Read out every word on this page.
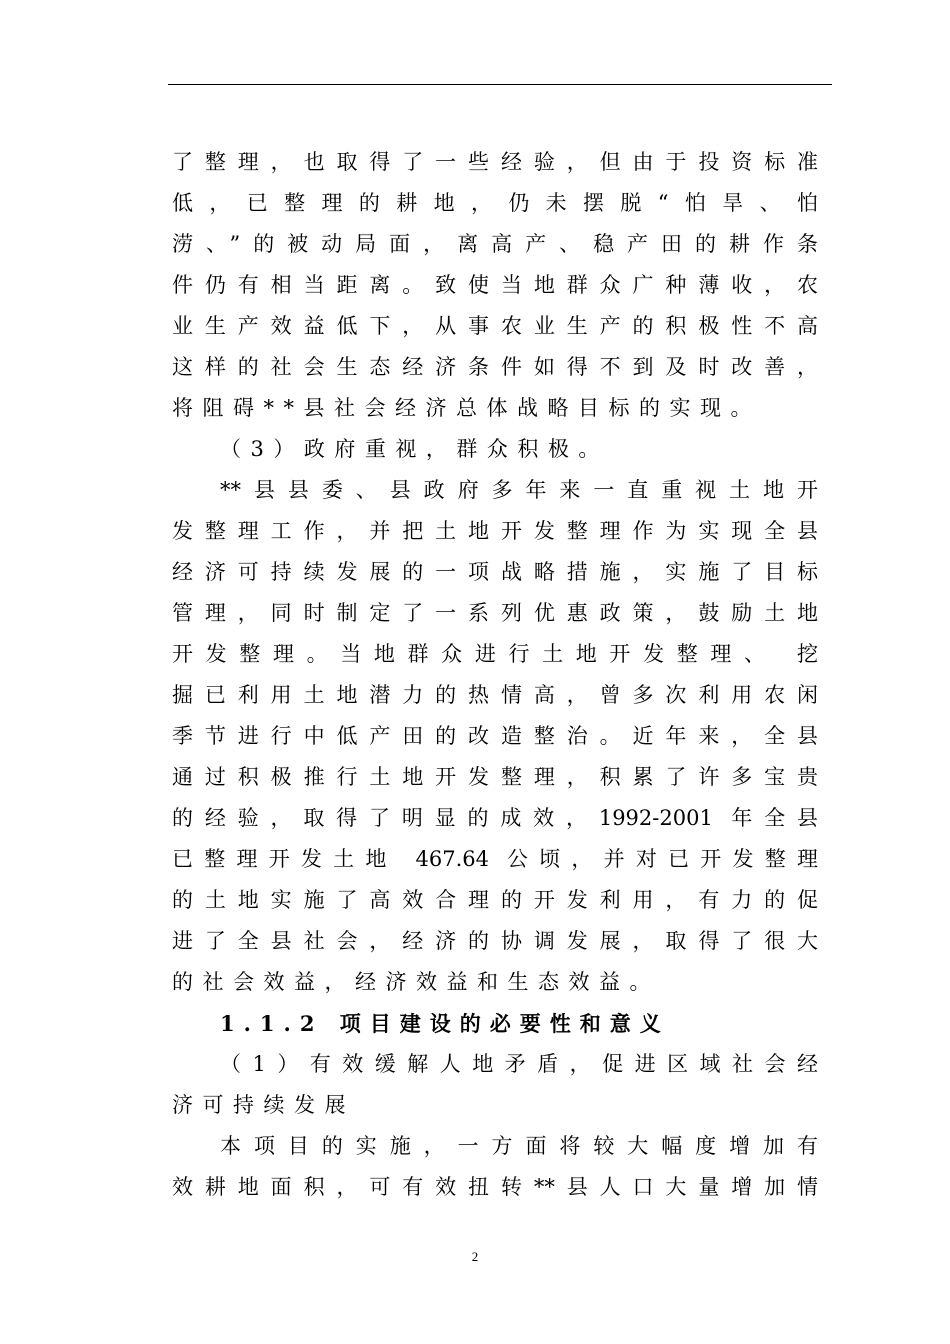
了整理，也取得了一些经验，但由于投资标准
低，已整理的耕地，仍未摆脱“怕旱、怕
涝、”的被动局面，离高产、稳产田的耕作条
件仍有相当距离。致使当地群众广种薄收，农
业生产效益低下，从事农业生产的积极性不高
这样的社会生态经济条件如得不到及时改善，
将阻碍**县社会经济总体战略目标的实现。
（3）政府重视，群众积极。
**县县委、县政府多年来一直重视土地开
发整理工作，并把土地开发整理作为实现全县
经济可持续发展的一项战略措施，实施了目标
管理，同时制定了一系列优惠政策，鼓励土地
开发整理。当地群众进行土地开发整理、 挖
掘已利用土地潜力的热情高，曾多次利用农闲
季节进行中低产田的改造整治。近年来，全县
通过积极推行土地开发整理，积累了许多宝贵
的经验，取得了明显的成效，1992-2001 年全县
已整理开发土地 467.64 公顷，并对已开发整理
的土地实施了高效合理的开发利用，有力的促
进了全县社会，经济的协调发展，取得了很大
的社会效益，经济效益和生态效益。
1.1.2 项目建设的必要性和意义
（1）有效缓解人地矛盾，促进区域社会经
济可持续发展
本项目的实施，一方面将较大幅度增加有
效耕地面积，可有效扭转**县人口大量增加情
2
